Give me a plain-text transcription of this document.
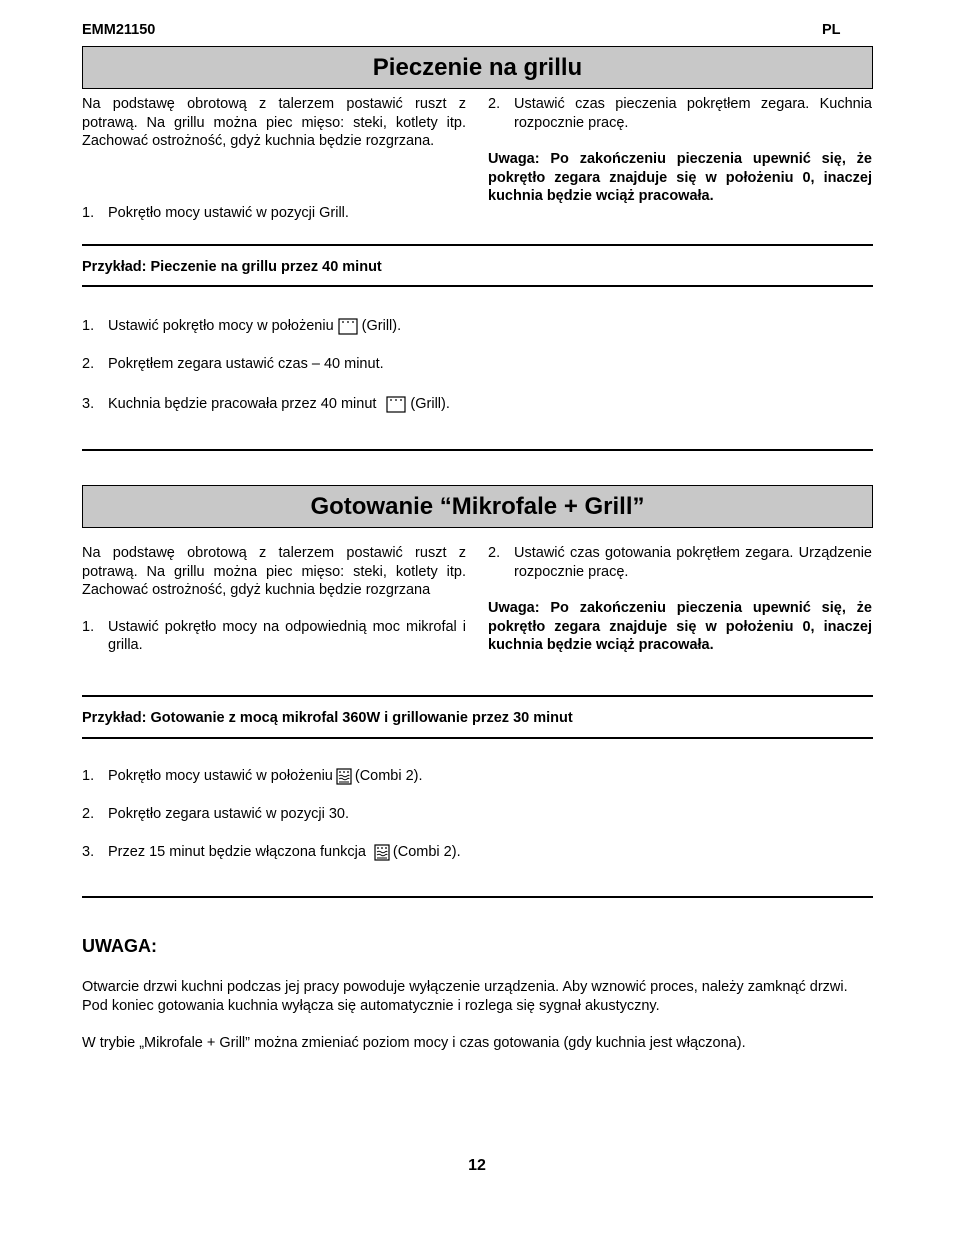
EMM21150	PL
Pieczenie na grillu

Na podstawę obrotową z talerzem postawić ruszt z potrawą. Na grillu można piec mięso: steki, kotlety itp. Zachować ostrożność, gdyż kuchnia będzie rozgrzana.

1. Pokrętło mocy ustawić w pozycji Grill.
2. Ustawić czas pieczenia pokrętłem zegara. Kuchnia rozpocznie pracę.

Uwaga: Po zakończeniu pieczenia upewnić się, że pokrętło zegara znajduje się w położeniu 0, inaczej kuchnia będzie wciąż pracowała.

Przykład: Pieczenie na grillu przez 40 minut
1. Ustawić pokrętło mocy w położeniu (Grill).
2. Pokrętłem zegara ustawić czas – 40 minut.
3. Kuchnia będzie pracowała przez 40 minut (Grill).
Gotowanie “Mikrofale + Grill”

Na podstawę obrotową z talerzem postawić ruszt z potrawą. Na grillu można piec mięso: steki, kotlety itp. Zachować ostrożność, gdyż kuchnia będzie rozgrzana

1. Ustawić pokrętło mocy na odpowiednią moc mikrofal i grilla.
2. Ustawić czas gotowania pokrętłem zegara. Urządzenie rozpocznie pracę.

Uwaga: Po zakończeniu pieczenia upewnić się, że pokrętło zegara znajduje się w położeniu 0, inaczej kuchnia będzie wciąż pracowała.

Przykład: Gotowanie z mocą mikrofal 360W i grillowanie przez 30 minut
1. Pokrętło mocy ustawić w położeniu (Combi 2).
2. Pokrętło zegara ustawić w pozycji 30.
3. Przez 15 minut będzie włączona funkcja (Combi 2).
UWAGA:

Otwarcie drzwi kuchni podczas jej pracy powoduje wyłączenie urządzenia. Aby wznowić proces, należy zamknąć drzwi.

Pod koniec gotowania kuchnia wyłącza się automatycznie i rozlega się sygnał akustyczny.

W trybie „Mikrofale + Grill” można zmieniać poziom mocy i czas gotowania (gdy kuchnia jest włączona).

12
